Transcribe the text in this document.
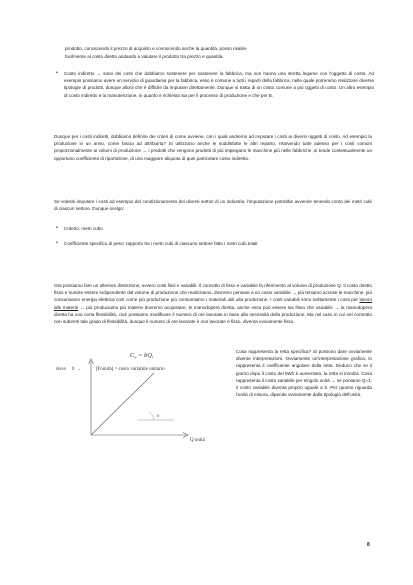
prodotto, conoscendo il prezzo di acquisto e conoscendo anche la quantità, posso risalire

facilmente al costo diretto andando a valutare il prodotto tra prezzo e quantità.

• Costo indiretto → sono dei costi che dobbiamo sostenere per sostenere la fabbrica, ma non hanno una stretta legame con l'oggetto di costo. Ad esempio possiamo avere un servizio di guardiania per la fabbrica, esso è comune a tutti i reparti della fabbrica, nella quale potremmo realizzare diverse tipologie di prodotti, dunque allora che è difficile da imputare direttamente. Dunque si tratta di un costo comune a più oggetti di costo. Un altro esempio di costo indiretto è la manutenzione, in quanto è richiesta sia per il processo di produzione A che per B.

Dunque per i costi indiretti, dobbiamo definire dei criteri di come avviene, con i quali andremo ad imputare i costi ai diversi oggetti di costo. Ad esempio la produzione in un anno, come fascia ad attribuirla? Si utilizzano anche le soddisfatte le altri reparto, risolvendo tutte adesso per i costi comuni proporzionalmente ai volumi di produzione → i prodotti che vengono prodotti di più impiegano le macchine più nelle fabbriche ,si tende contestualmente un opportuno coefficiente di ripartizione, di una maggiore aliquota di quei particolare costo indiretto.

Se volessi imputare i costi ad esempio del condizionamento dei diversi settori di un industria, l'imputazione potrebbe avvenire tenendo conto dei metri cubi di ciascun settore. Dunque scelgo:

• Criterio: metri cubo
• Coefficiente specifico di peso: rapporto tra i metri cubi di ciascuno settore fatto i metri cubi totali

Ora possiamo fare un ulteriore distinzione, ovvero costi fissi e variabili. Il concetto di fisso e variabile fa riferimento al volume di produzione Q. Il costo diretto fisso e riuscite essere indipendente dal volume di produzione che realizziamo, dovremo pensare a un costo variabile → più teniamo accese le macchine, più consumiamo energia elettrica così come più produzione più consumiamo i materiali utili alla produzione. I costi variabili sono solitamente i costi per lavoro alle materie → più produciamo più materie dovremo acquistare, le manodopera diretta, anche essa può essere sia fissa che variabile → la manodopera diretta ha una certa flessibilità, cioè possiamo modificare il numero di ore lavorate in base alla necessità della produzione. Ma nel caso in cui nel contratto non subentri tale grado di flessibilità, dunque il numero di ore lavorate è non lavorate è fisso, diventa ovviamente fisso.

$C_v$ = bQ,
dove b →	[€/unità] = costo variabile unitario
b
Q unità

Cosa rappresenta la retta specifica? Si possono dare ovviamente diverse interpretazioni. Ovviamente un'interpretazione grafica, lo rappresenta il coefficiente angolare della retta. Deduco che se il giorno dopo il costo del kWh è aumentato, la retta si innalza. Cosa rappresenta il costo variabile per singolo unità → se poniamo Q=1, il costo variabile diventa proprio uguale a b. Per quanto riguarda l'unità di misura, dipende ovviamente dalla tipologia dell'unità.

8
